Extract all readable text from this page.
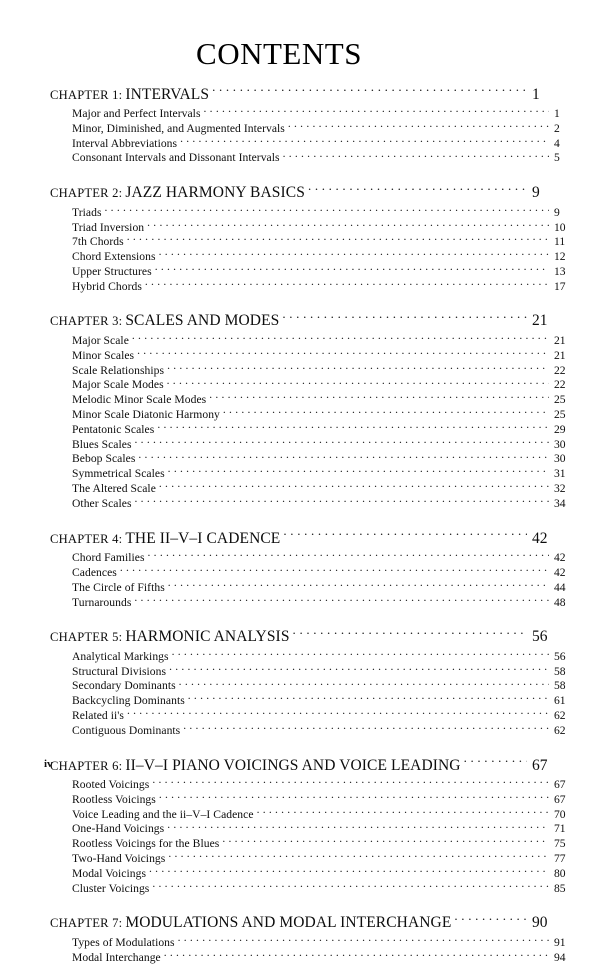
CONTENTS
CHAPTER 1: INTERVALS . . .	1
Major and Perfect Intervals . . .	1
Minor, Diminished, and Augmented Intervals . . .	2
Interval Abbreviations . . .	4
Consonant Intervals and Dissonant Intervals . . .	5
CHAPTER 2: JAZZ HARMONY BASICS . . .	9
Triads . . .	9
Triad Inversion . . .	10
7th Chords . . .	11
Chord Extensions . . .	12
Upper Structures . . .	13
Hybrid Chords . . .	17
CHAPTER 3: SCALES AND MODES . . .	21
Major Scale . . .	21
Minor Scales . . .	21
Scale Relationships . . .	22
Major Scale Modes . . .	22
Melodic Minor Scale Modes . . .	25
Minor Scale Diatonic Harmony . . .	25
Pentatonic Scales . . .	29
Blues Scales . . .	30
Bebop Scales . . .	30
Symmetrical Scales . . .	31
The Altered Scale . . .	32
Other Scales . . .	34
CHAPTER 4: THE II–V–I CADENCE . . .	42
Chord Families . . .	42
Cadences . . .	42
The Circle of Fifths . . .	44
Turnarounds . . .	48
CHAPTER 5: HARMONIC ANALYSIS . . .	56
Analytical Markings . . .	56
Structural Divisions . . .	58
Secondary Dominants . . .	58
Backcycling Dominants . . .	61
Related ii's . . .	62
Contiguous Dominants . . .	62
CHAPTER 6: II–V–I PIANO VOICINGS AND VOICE LEADING . . .	67
Rooted Voicings . . .	67
Rootless Voicings . . .	67
Voice Leading and the ii–V–I Cadence . . .	70
One-Hand Voicings . . .	71
Rootless Voicings for the Blues . . .	75
Two-Hand Voicings . . .	77
Modal Voicings . . .	80
Cluster Voicings . . .	85
CHAPTER 7: MODULATIONS AND MODAL INTERCHANGE . . .	90
Types of Modulations . . .	91
Modal Interchange . . .	94
iv
